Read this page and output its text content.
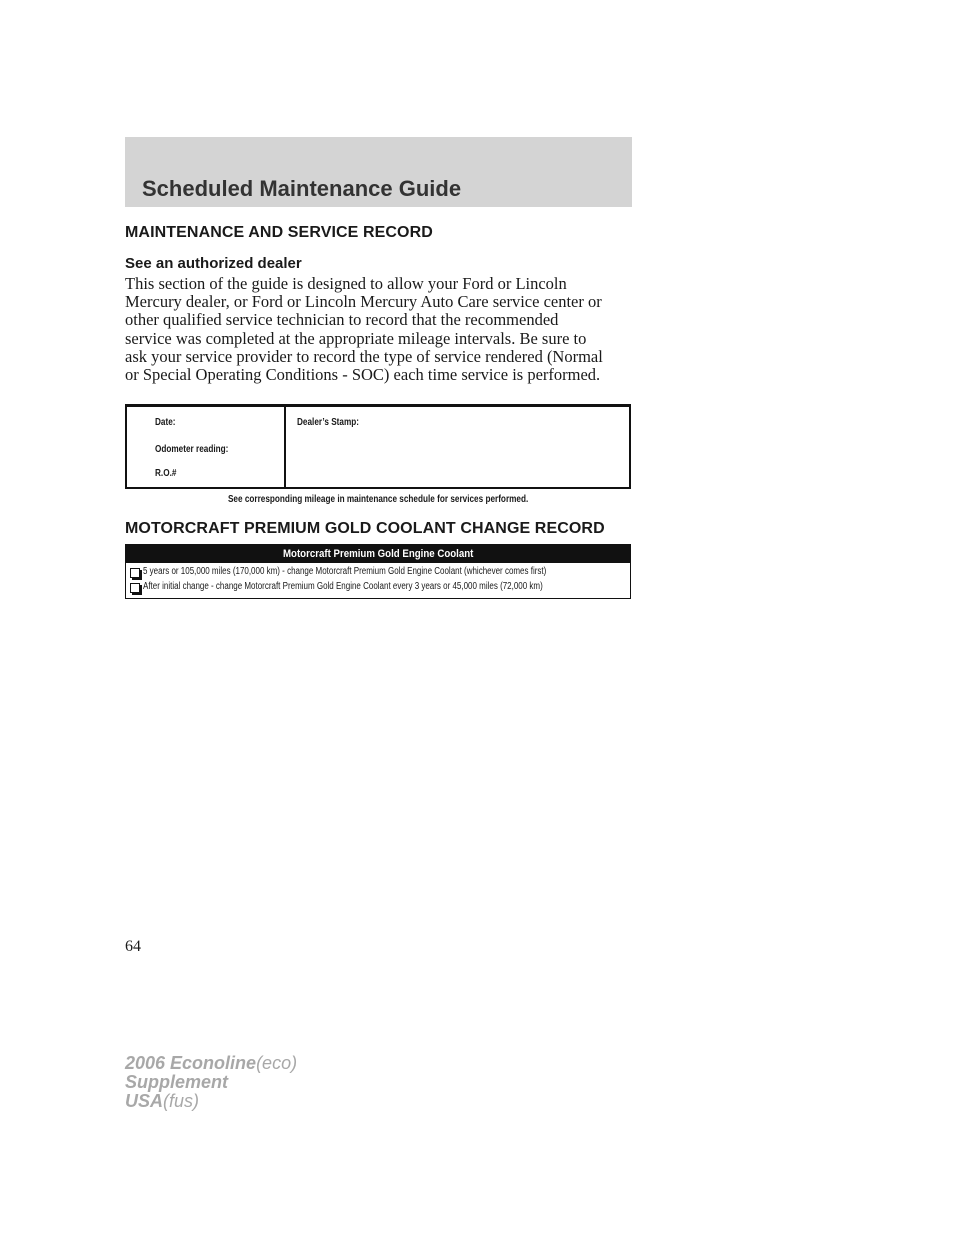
Scheduled Maintenance Guide
MAINTENANCE AND SERVICE RECORD
See an authorized dealer
This section of the guide is designed to allow your Ford or Lincoln
Mercury dealer, or Ford or Lincoln Mercury Auto Care service center or
other qualified service technician to record that the recommended
service was completed at the appropriate mileage intervals. Be sure to
ask your service provider to record the type of service rendered (Normal
or Special Operating Conditions - SOC) each time service is performed.
Date:
Odometer reading:
R.O.#
Dealer’s Stamp:
See corresponding mileage in maintenance schedule for services performed.
MOTORCRAFT PREMIUM GOLD COOLANT CHANGE RECORD
Motorcraft Premium Gold Engine Coolant
5 years or 105,000 miles (170,000 km) - change Motorcraft Premium Gold Engine Coolant (whichever comes first)
After initial change - change Motorcraft Premium Gold Engine Coolant every 3 years or 45,000 miles (72,000 km)
64
2006 Econoline(eco)
Supplement
USA(fus)
